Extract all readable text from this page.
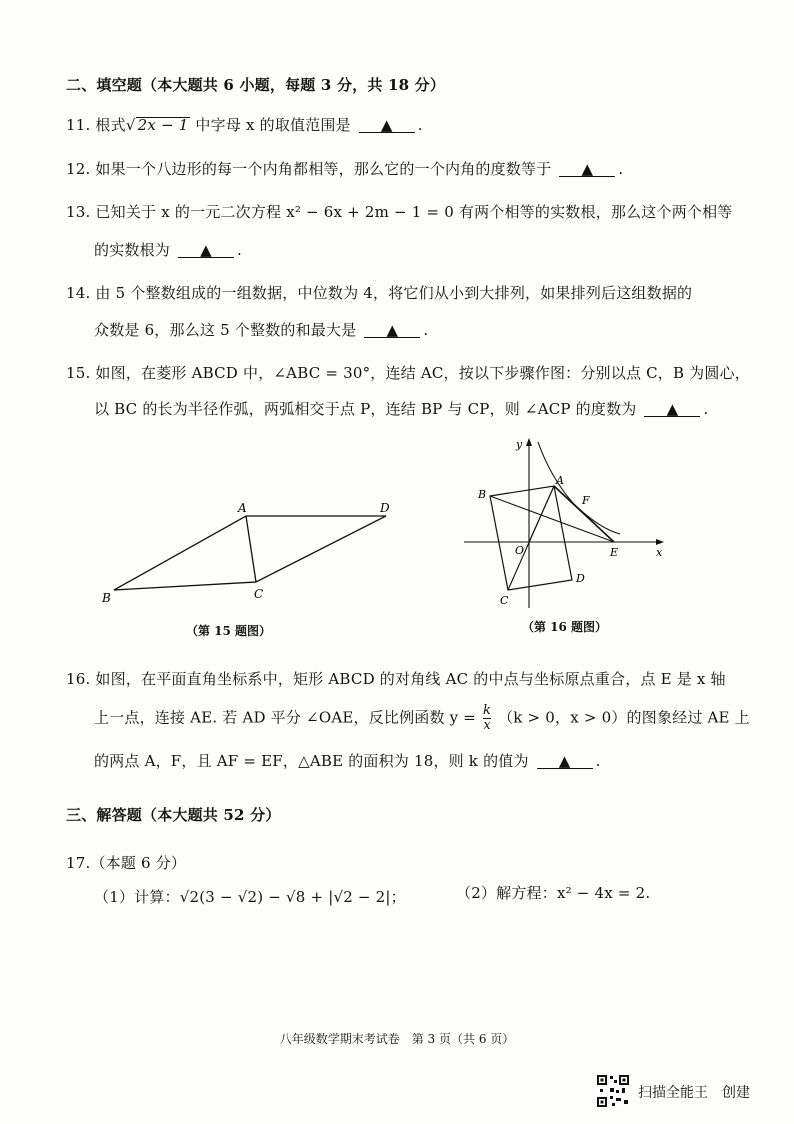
二、填空题（本大题共 6 小题，每题 3 分，共 18 分）
11. 根式√ 2x − 1 中字母 x 的取值范围是 ▲ .
12. 如果一个八边形的每一个内角都相等，那么它的一个内角的度数等于 ▲ .
13. 已知关于 x 的一元二次方程 x² − 6x + 2m − 1 = 0 有两个相等的实数根，那么这个两个相等
的实数根为 ▲ .
14. 由 5 个整数组成的一组数据，中位数为 4，将它们从小到大排列，如果排列后这组数据的
众数是 6，那么这 5 个整数的和最大是 ▲ .
15. 如图，在菱形 ABCD 中，∠ABC = 30°，连结 AC，按以下步骤作图：分别以点 C，B 为圆心，
以 BC 的长为半径作弧，两弧相交于点 P，连结 BP 与 CP，则 ∠ACP 的度数为 ▲ .
A
B	C
D
（第 15 题图）
x
y
A
B
C
D
E
F
O
（第 16 题图）
16. 如图，在平面直角坐标系中，矩形 ABCD 的对角线 AC 的中点与坐标原点重合，点 E 是 x 轴
上一点，连接 AE. 若 AD 平分 ∠OAE，反比例函数 $y = \frac{k}{x} (k > 0$，x > 0）的图象经过 AE 上
的两点 A，F，且 AF = EF，△ABE 的面积为 18，则 k 的值为 ▲ .
三、解答题（本大题共 52 分）
17.（本题 6 分）
（1）计算：√2(3 − √2) − √8 + |√2 − 2|；	（2）解方程：x² − 4x = 2.
八年级数学期末考试卷　第 3 页（共 6 页）
扫描全能王　创建
